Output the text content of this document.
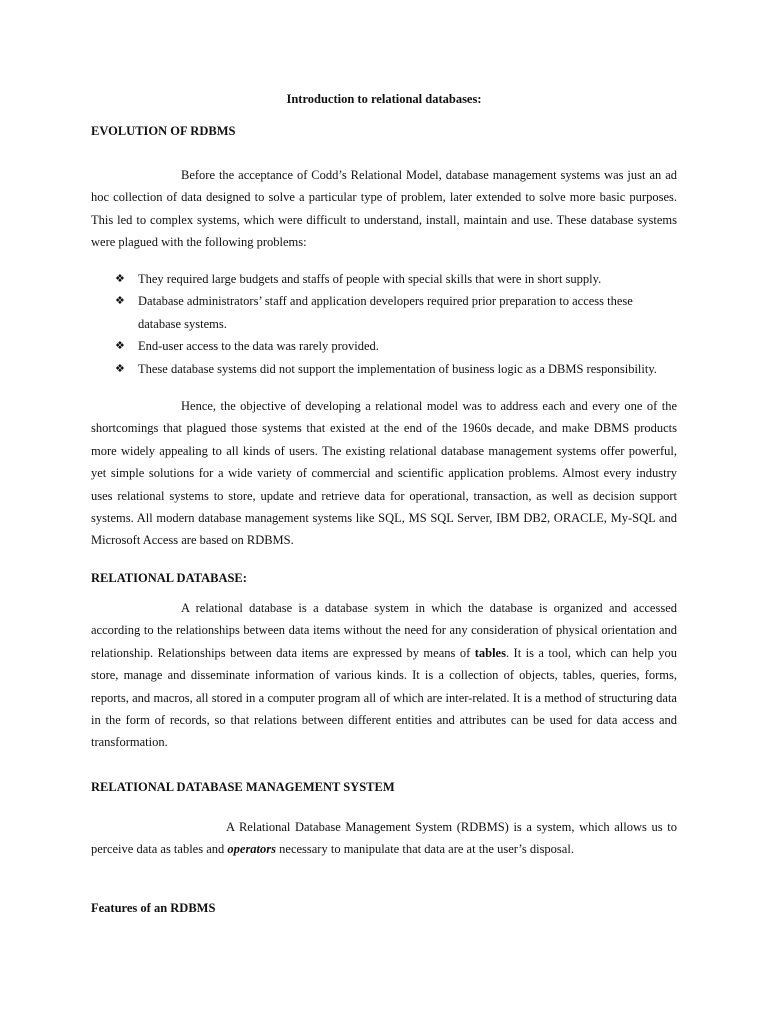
Introduction to relational databases:
EVOLUTION OF RDBMS

Before the acceptance of Codd’s Relational Model, database management systems was just an ad hoc collection of data designed to solve a particular type of problem, later extended to solve more basic purposes. This led to complex systems, which were difficult to understand, install, maintain and use. These database systems were plagued with the following problems:

❖ They required large budgets and staffs of people with special skills that were in short supply.
❖ Database administrators’ staff and application developers required prior preparation to access these database systems.
❖ End-user access to the data was rarely provided.
❖ These database systems did not support the implementation of business logic as a DBMS responsibility.

Hence, the objective of developing a relational model was to address each and every one of the shortcomings that plagued those systems that existed at the end of the 1960s decade, and make DBMS products more widely appealing to all kinds of users. The existing relational database management systems offer powerful, yet simple solutions for a wide variety of commercial and scientific application problems. Almost every industry uses relational systems to store, update and retrieve data for operational, transaction, as well as decision support systems. All modern database management systems like SQL, MS SQL Server, IBM DB2, ORACLE, My-SQL and Microsoft Access are based on RDBMS.

RELATIONAL DATABASE:

A relational database is a database system in which the database is organized and accessed according to the relationships between data items without the need for any consideration of physical orientation and relationship. Relationships between data items are expressed by means of tables. It is a tool, which can help you store, manage and disseminate information of various kinds. It is a collection of objects, tables, queries, forms, reports, and macros, all stored in a computer program all of which are inter-related. It is a method of structuring data in the form of records, so that relations between different entities and attributes can be used for data access and transformation.

RELATIONAL DATABASE MANAGEMENT SYSTEM

A Relational Database Management System (RDBMS) is a system, which allows us to perceive data as tables and operators necessary to manipulate that data are at the user’s disposal.

Features of an RDBMS
